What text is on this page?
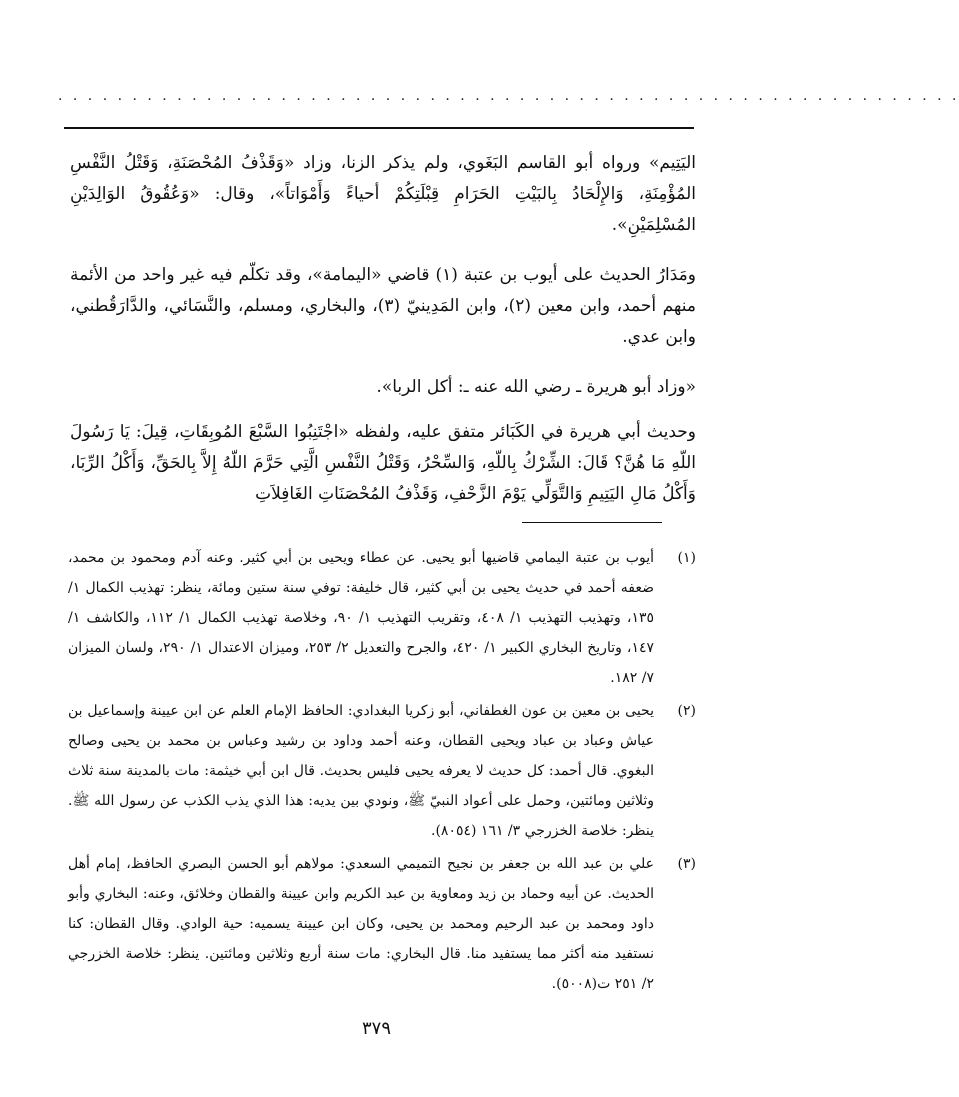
· · · · · · · · · · · · · · · · · · · · · · · · · · · · · · · · · · · · · · · · · · · · · · · · · · · · · · · · · · · · ·

اليَتِيم» ورواه أبو القاسم البَغَوي، ولم يذكر الزنا، وزاد «وَقَذْفُ المُحْصَنَةِ، وَقَتْلُ النَّفْسِ المُؤْمِنَةِ، وَالإِلْحَادُ بِالبَيْتِ الحَرَامِ قِبْلَتِكُمْ أحياءً وَأَمْوَاتاً»، وقال: «وَعُقُوقُ الوَالِدَيْنِ المُسْلِمَيْنِ».

ومَدَارُ الحديث على أيوب بن عتبة (١) قاضي «اليمامة»، وقد تكلّم فيه غير واحد من الأئمة منهم أحمد، وابن معين (٢)، وابن المَدِينيّ (٣)، والبخاري، ومسلم، والنَّسَائي، والدَّارَقُطني، وابن عدي.

«وزاد أبو هريرة ـ رضي الله عنه ـ: أكل الربا».

وحديث أبي هريرة في الكَبَائر متفق عليه، ولفظه «اجْتَنِبُوا السَّبْعَ المُوبِقَاتِ، قِيلَ: يَا رَسُولَ اللّهِ مَا هُنَّ؟ قَالَ: الشِّرْكُ بِاللّهِ، وَالسِّحْرُ، وَقَتْلُ النَّفْسِ الَّتِي حَرَّمَ اللّهُ إِلاَّ بِالحَقِّ، وَأَكْلُ الرِّبَا، وَأَكْلُ مَالِ اليَتِيمِ وَالتَّوَلِّي يَوْمَ الزَّحْفِ، وَقَذْفُ المُحْصَنَاتِ الغَافِلاَتِ

(١)
أيوب بن عتبة اليمامي قاضيها أبو يحيى. عن عطاء ويحيى بن أبي كثير. وعنه آدم ومحمود بن محمد، ضعفه أحمد في حديث يحيى بن أبي كثير، قال خليفة: توفي سنة ستين ومائة، ينظر: تهذيب الكمال ١/ ١٣٥، وتهذيب التهذيب ١/ ٤٠٨، وتقريب التهذيب ١/ ٩٠، وخلاصة تهذيب الكمال ١/ ١١٢، والكاشف ١/ ١٤٧، وتاريخ البخاري الكبير ١/ ٤٢٠، والجرح والتعديل ٢/ ٢٥٣، وميزان الاعتدال ١/ ٢٩٠، ولسان الميزان ٧/ ١٨٢.
(٢)
يحيى بن معين بن عون الغطفاني، أبو زكريا البغدادي: الحافظ الإمام العلم عن ابن عيينة وإسماعيل بن عياش وعباد بن عباد ويحيى القطان، وعنه أحمد وداود بن رشيد وعباس بن محمد بن يحيى وصالح البغوي. قال أحمد: كل حديث لا يعرفه يحيى فليس بحديث. قال ابن أبي خيثمة: مات بالمدينة سنة ثلاث وثلاثين ومائتين، وحمل على أعواد النبيّ ﷺ، ونودي بين يديه: هذا الذي يذب الكذب عن رسول الله ﷺ. ينظر: خلاصة الخزرجي ٣/ ١٦١ (٨٠٥٤).
(٣)
علي بن عبد الله بن جعفر بن نجيح التميمي السعدي: مولاهم أبو الحسن البصري الحافظ، إمام أهل الحديث. عن أبيه وحماد بن زيد ومعاوية بن عبد الكريم وابن عيينة والقطان وخلائق، وعنه: البخاري وأبو داود ومحمد بن عبد الرحيم ومحمد بن يحيى، وكان ابن عيينة يسميه: حية الوادي. وقال القطان: كنا نستفيد منه أكثر مما يستفيد منا. قال البخاري: مات سنة أربع وثلاثين ومائتين. ينظر: خلاصة الخزرجي ٢/ ٢٥١ ت(٥٠٠٨).
٣٧٩
